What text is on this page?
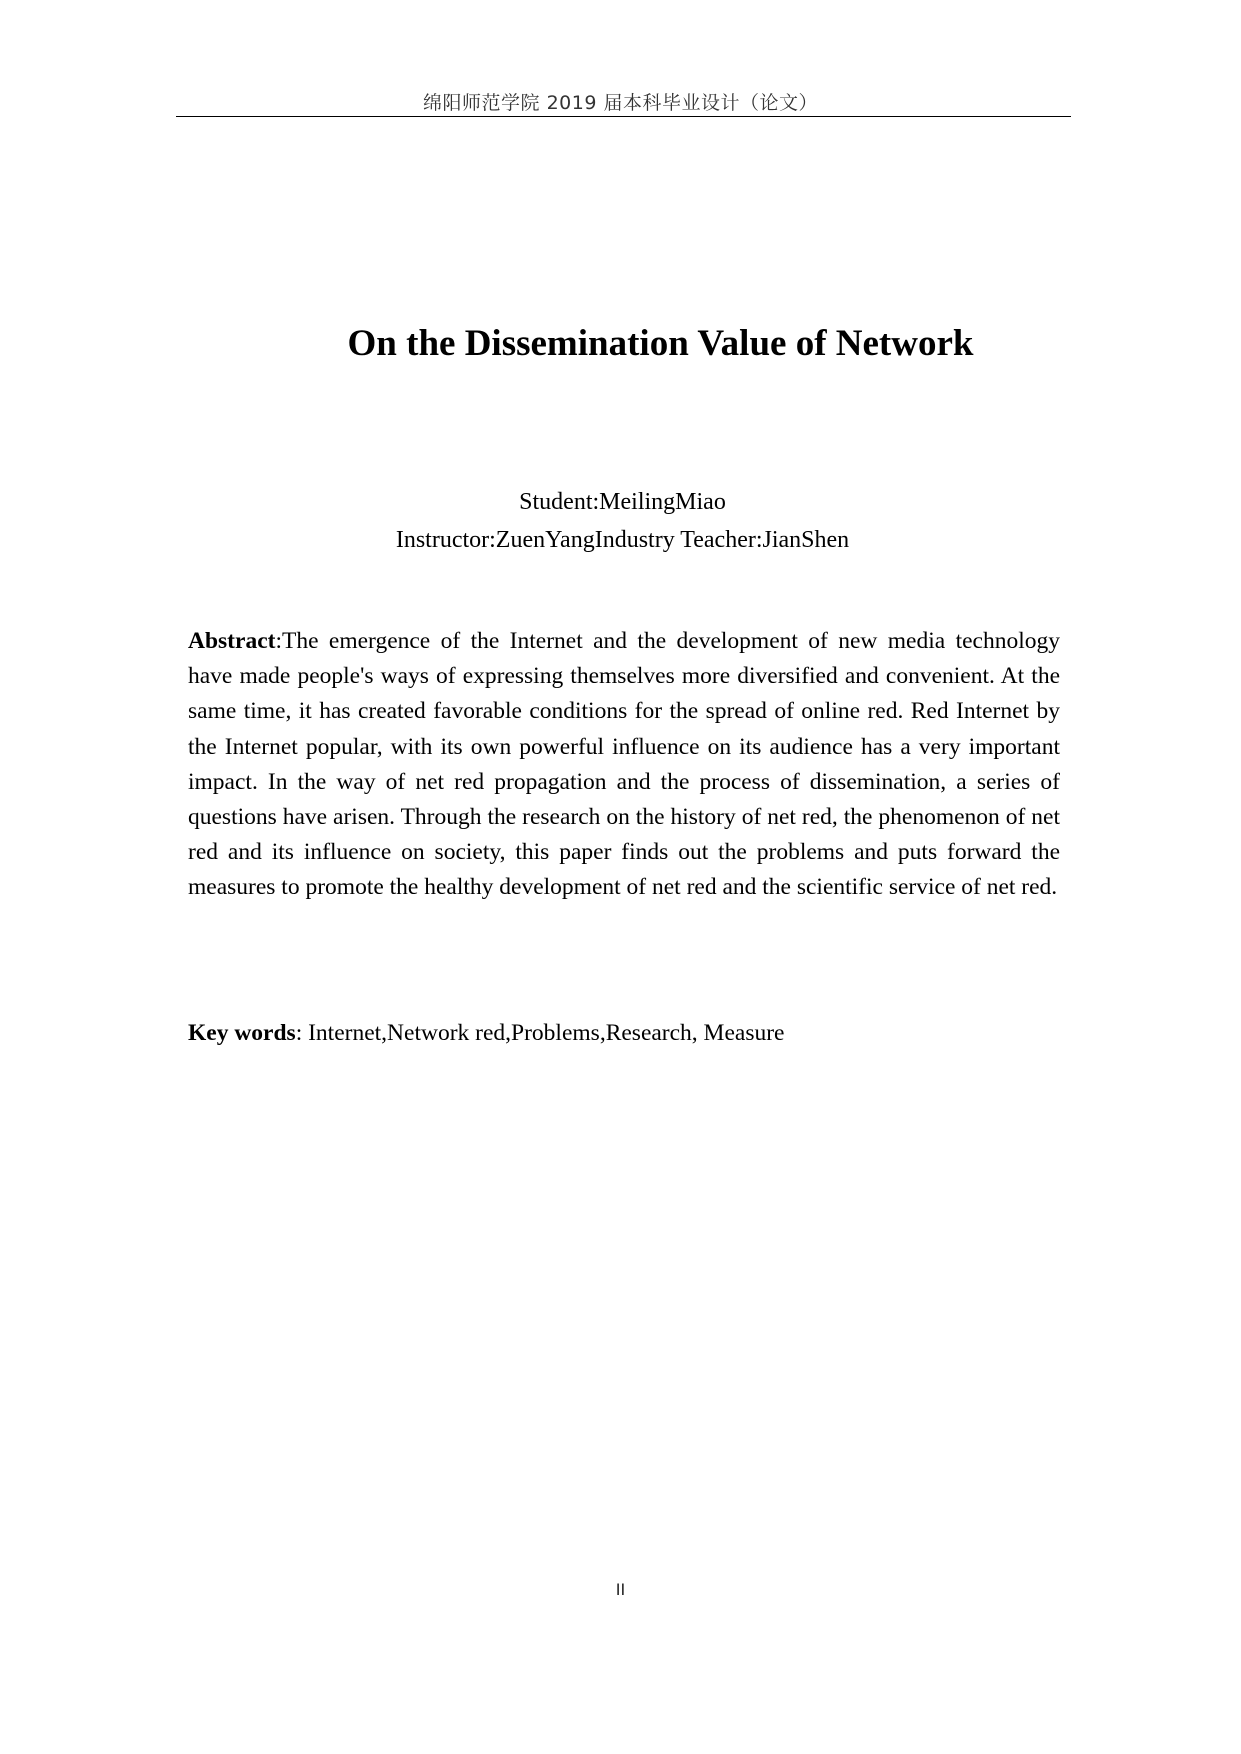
绵阳师范学院 2019 届本科毕业设计（论文）
On the Dissemination Value of Network
Student:MeilingMiao
Instructor:ZuenYangIndustry Teacher:JianShen

Abstract:The emergence of the Internet and the development of new media technology have made people's ways of expressing themselves more diversified and convenient. At the same time, it has created favorable conditions for the spread of online red. Red Internet by the Internet popular, with its own powerful influence on its audience has a very important impact. In the way of net red propagation and the process of dissemination, a series of questions have arisen. Through the research on the history of net red, the phenomenon of net red and its influence on society, this paper finds out the problems and puts forward the measures to promote the healthy development of net red and the scientific service of net red.

Key words: Internet,Network red,Problems,Research, Measure

II
